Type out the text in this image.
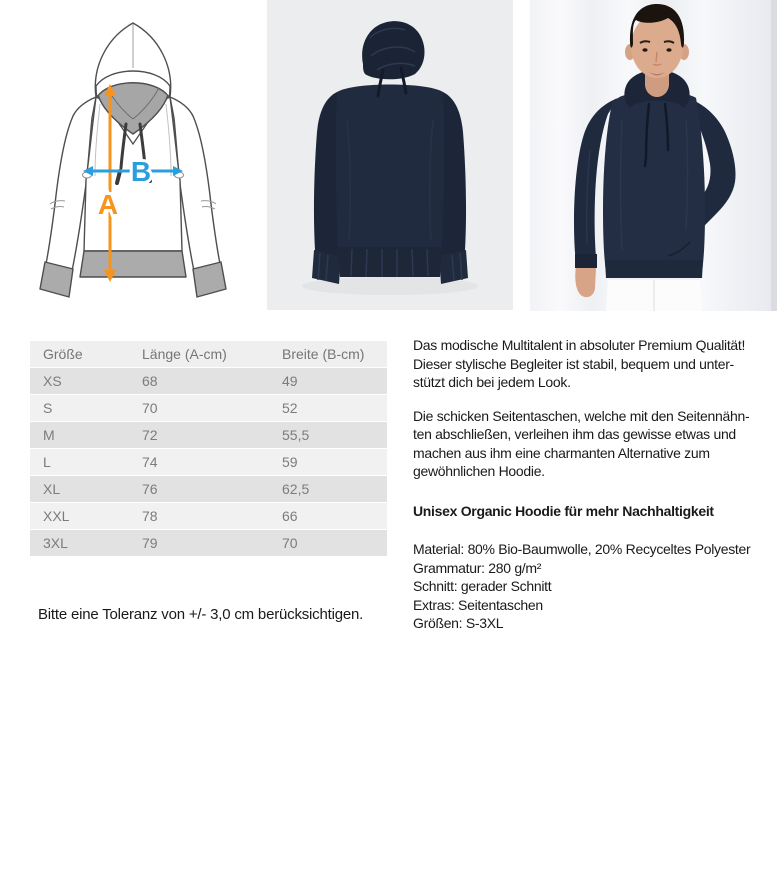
B
A
Größe	Länge (A-cm)	Breite (B-cm)
XS	68	49
S	70	52
M	72	55,5
L	74	59
XL	76	62,5
XXL	78	66
3XL	79	70
Das modische Multitalent in absoluter Premium Qualität!
Dieser stylische Begleiter ist stabil, bequem und unter-
stützt dich bei jedem Look.
Die schicken Seitentaschen, welche mit den Seitennähn-
ten abschließen, verleihen ihm das gewisse etwas und
machen aus ihm eine charmanten Alternative zum
gewöhnlichen Hoodie.
Unisex Organic Hoodie für mehr Nachhaltigkeit
Material: 80% Bio-Baumwolle, 20% Recyceltes Polyester
Grammatur: 280 g/m²
Schnitt: gerader Schnitt
Extras: Seitentaschen
Größen: S-3XL
Bitte eine Toleranz von +/- 3,0 cm berücksichtigen.
